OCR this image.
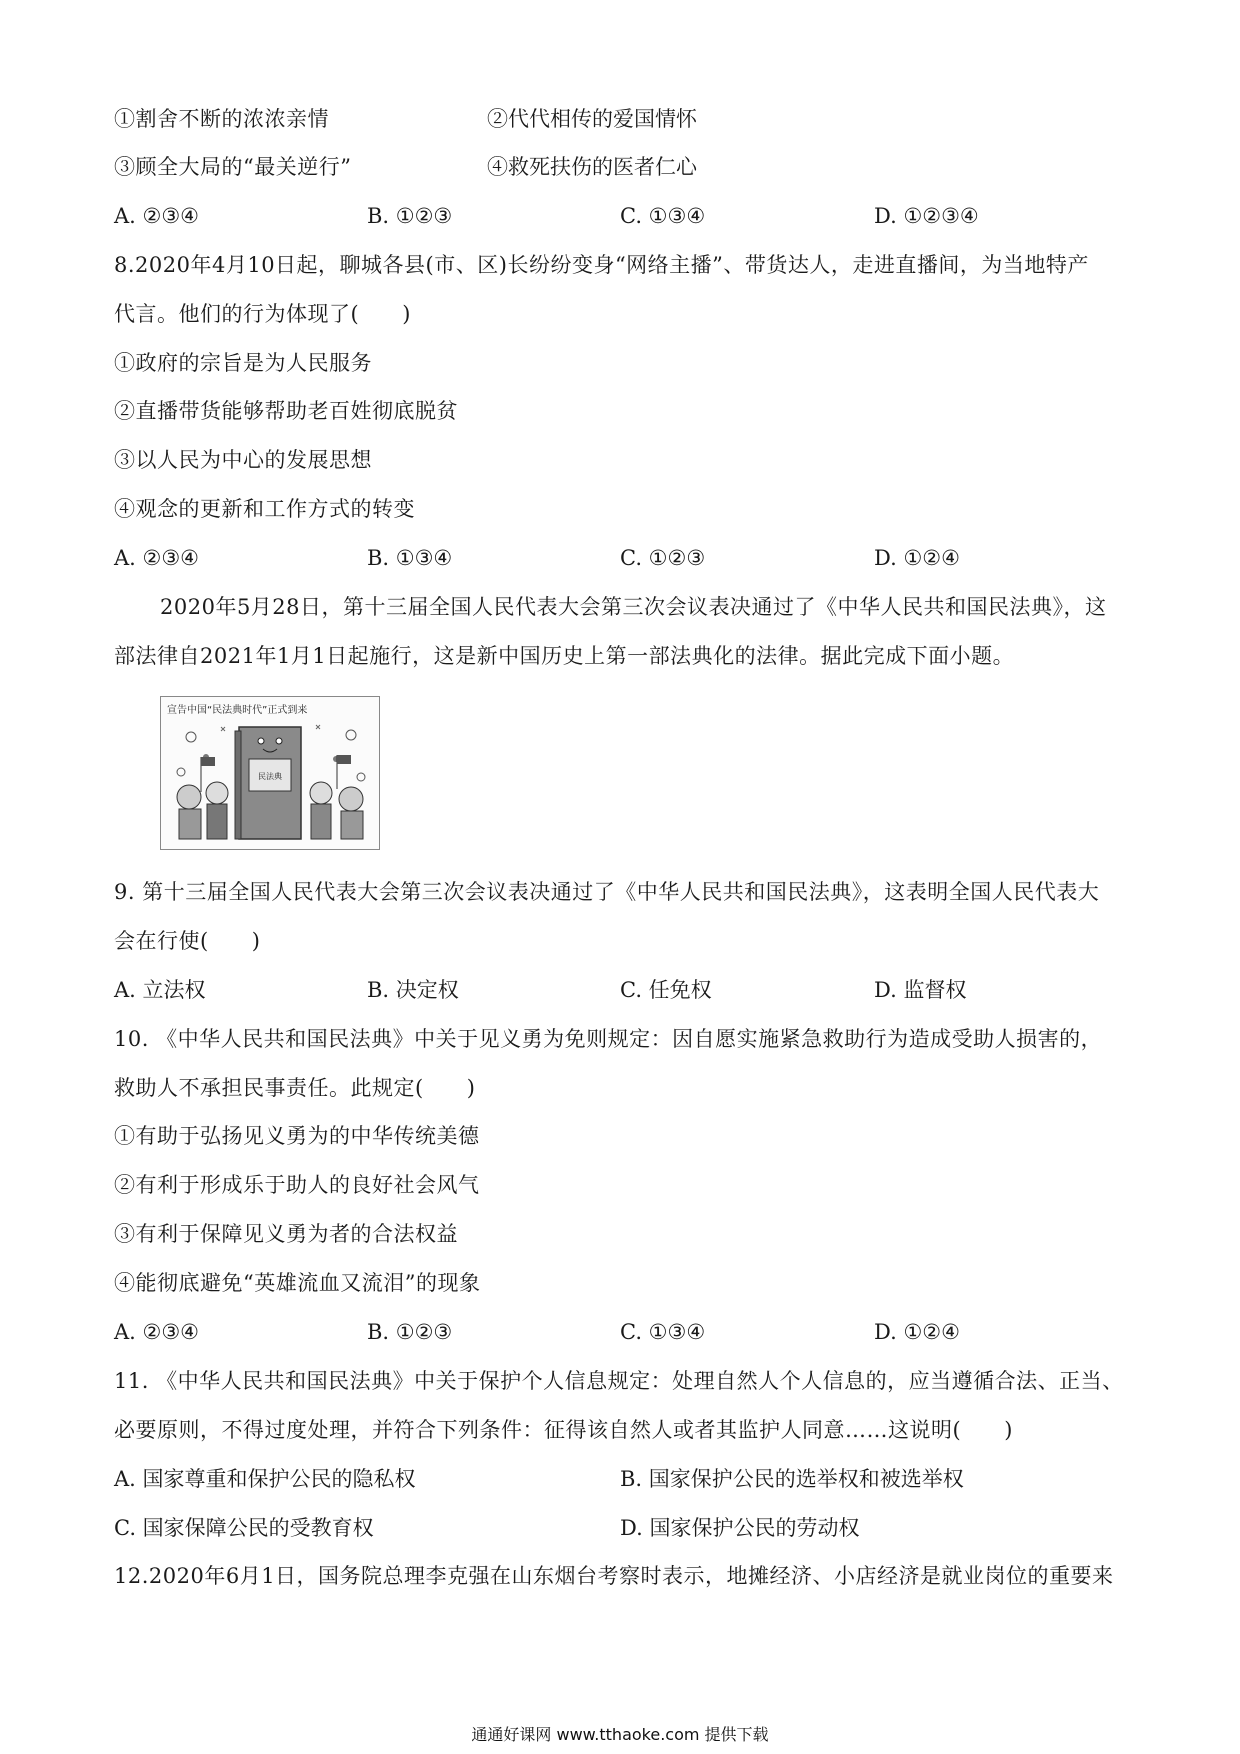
①割舍不断的浓浓亲情	②代代相传的爱国情怀
③顾全大局的“最关逆行”	④救死扶伤的医者仁心
A. ②③④	B. ①②③	C. ①③④	D. ①②③④
8.2020年4月10日起，聊城各县(市、区)长纷纷变身“网络主播”、带货达人，走进直播间，为当地特产
代言。他们的行为体现了(　　)
①政府的宗旨是为人民服务
②直播带货能够帮助老百姓彻底脱贫
③以人民为中心的发展思想
④观念的更新和工作方式的转变
A. ②③④	B. ①③④	C. ①②③	D. ①②④
2020年5月28日，第十三届全国人民代表大会第三次会议表决通过了《中华人民共和国民法典》，这
部法律自2021年1月1日起施行，这是新中国历史上第一部法典化的法律。据此完成下面小题。
宣告中国“民法典时代”正式到来
民法典
9. 第十三届全国人民代表大会第三次会议表决通过了《中华人民共和国民法典》，这表明全国人民代表大
会在行使(　　)
A. 立法权	B. 决定权	C. 任免权	D. 监督权
10. 《中华人民共和国民法典》中关于见义勇为免则规定：因自愿实施紧急救助行为造成受助人损害的，
救助人不承担民事责任。此规定(　　)
①有助于弘扬见义勇为的中华传统美德
②有利于形成乐于助人的良好社会风气
③有利于保障见义勇为者的合法权益
④能彻底避免“英雄流血又流泪”的现象
A. ②③④	B. ①②③	C. ①③④	D. ①②④
11. 《中华人民共和国民法典》中关于保护个人信息规定：处理自然人个人信息的，应当遵循合法、正当、
必要原则，不得过度处理，并符合下列条件：征得该自然人或者其监护人同意……这说明(　　)
A. 国家尊重和保护公民的隐私权	B. 国家保护公民的选举权和被选举权
C. 国家保障公民的受教育权	D. 国家保护公民的劳动权
12.2020年6月1日，国务院总理李克强在山东烟台考察时表示，地摊经济、小店经济是就业岗位的重要来
通通好课网 www.tthaoke.com 提供下载
